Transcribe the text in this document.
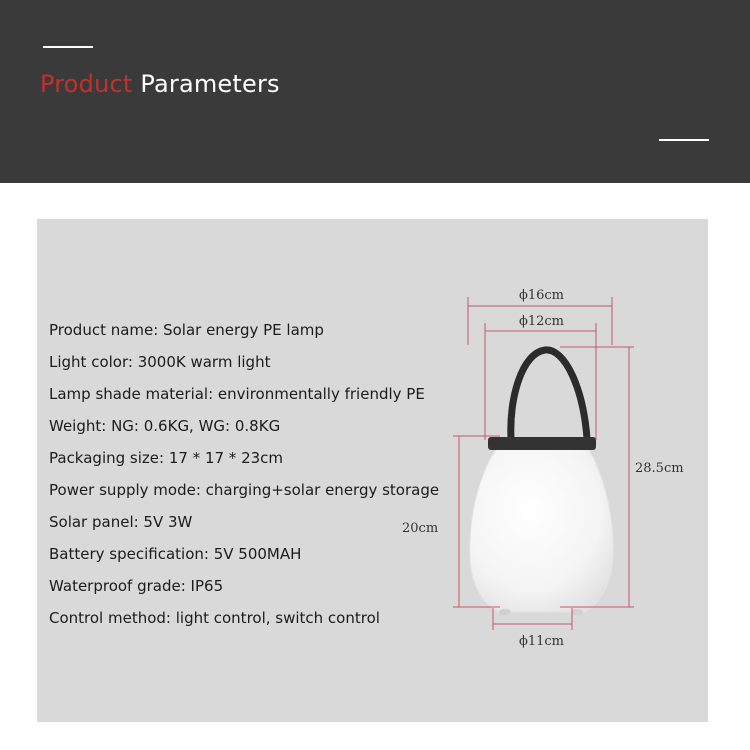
Product Parameters
Product name: Solar energy PE lamp
Light color: 3000K warm light
Lamp shade material: environmentally friendly PE
Weight: NG: 0.6KG, WG: 0.8KG
Packaging size: 17 * 17 * 23cm
Power supply mode: charging+solar energy storage
Solar panel: 5V 3W
Battery specification: 5V 500MAH
Waterproof grade: IP65
Control method: light control, switch control
ϕ16cm
ϕ12cm
28.5cm
20cm
ϕ11cm
